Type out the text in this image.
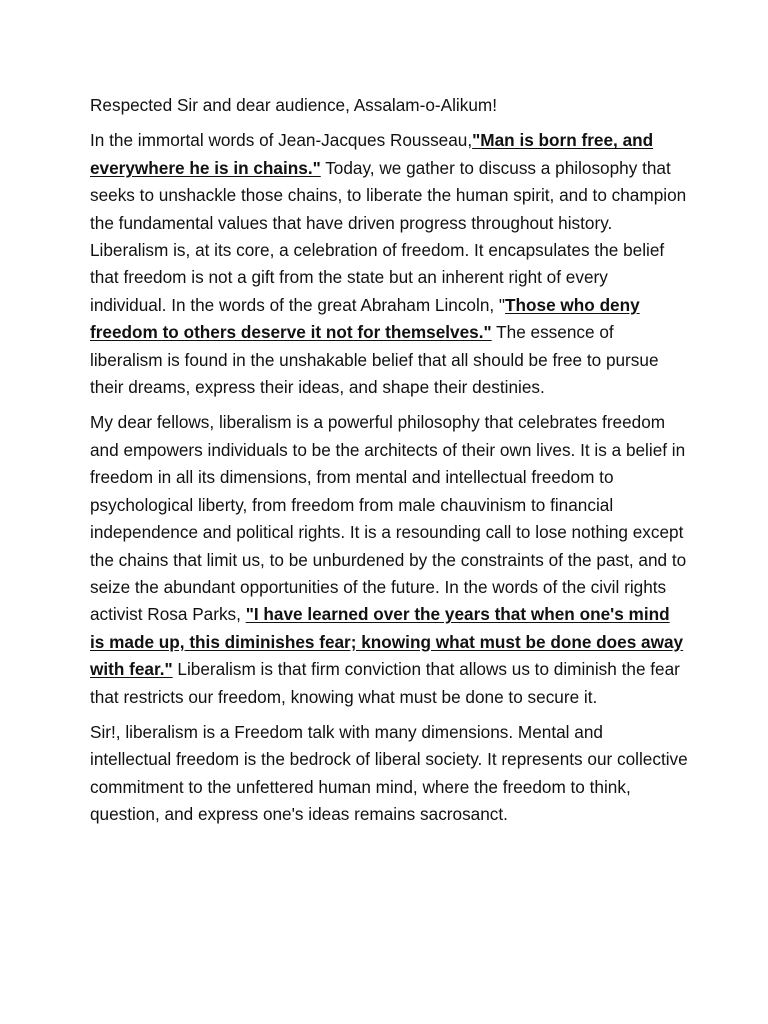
Respected Sir and dear audience, Assalam-o-Alikum!

In the immortal words of Jean-Jacques Rousseau,"Man is born free, and everywhere he is in chains." Today, we gather to discuss a philosophy that seeks to unshackle those chains, to liberate the human spirit, and to champion the fundamental values that have driven progress throughout history. Liberalism is, at its core, a celebration of freedom. It encapsulates the belief that freedom is not a gift from the state but an inherent right of every individual. In the words of the great Abraham Lincoln, "Those who deny freedom to others deserve it not for themselves." The essence of liberalism is found in the unshakable belief that all should be free to pursue their dreams, express their ideas, and shape their destinies.

My dear fellows, liberalism is a powerful philosophy that celebrates freedom and empowers individuals to be the architects of their own lives. It is a belief in freedom in all its dimensions, from mental and intellectual freedom to psychological liberty, from freedom from male chauvinism to financial independence and political rights. It is a resounding call to lose nothing except the chains that limit us, to be unburdened by the constraints of the past, and to seize the abundant opportunities of the future. In the words of the civil rights activist Rosa Parks, "I have learned over the years that when one's mind is made up, this diminishes fear; knowing what must be done does away with fear." Liberalism is that firm conviction that allows us to diminish the fear that restricts our freedom, knowing what must be done to secure it.

Sir!, liberalism is a Freedom talk with many dimensions. Mental and intellectual freedom is the bedrock of liberal society. It represents our collective commitment to the unfettered human mind, where the freedom to think, question, and express one's ideas remains sacrosanct.
